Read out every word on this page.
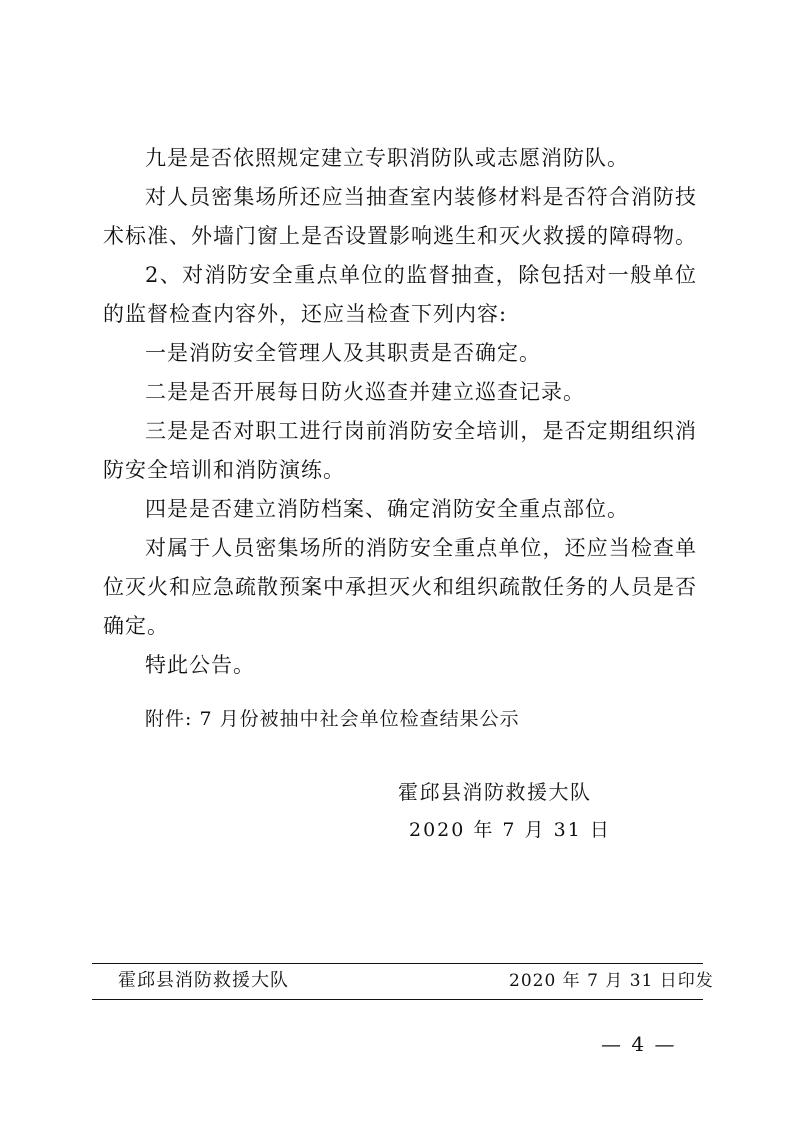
九是是否依照规定建立专职消防队或志愿消防队。

对人员密集场所还应当抽查室内装修材料是否符合消防技术标准、外墙门窗上是否设置影响逃生和灭火救援的障碍物。

2、对消防安全重点单位的监督抽查，除包括对一般单位的监督检查内容外，还应当检查下列内容:

一是消防安全管理人及其职责是否确定。

二是是否开展每日防火巡查并建立巡查记录。

三是是否对职工进行岗前消防安全培训，是否定期组织消防安全培训和消防演练。

四是是否建立消防档案、确定消防安全重点部位。

对属于人员密集场所的消防安全重点单位，还应当检查单位灭火和应急疏散预案中承担灭火和组织疏散任务的人员是否确定。

特此公告。

附件: 7 月份被抽中社会单位检查结果公示
霍邱县消防救援大队
2020 年 7 月 31 日
霍邱县消防救援大队	2020 年 7 月 31 日印发
— 4 —
